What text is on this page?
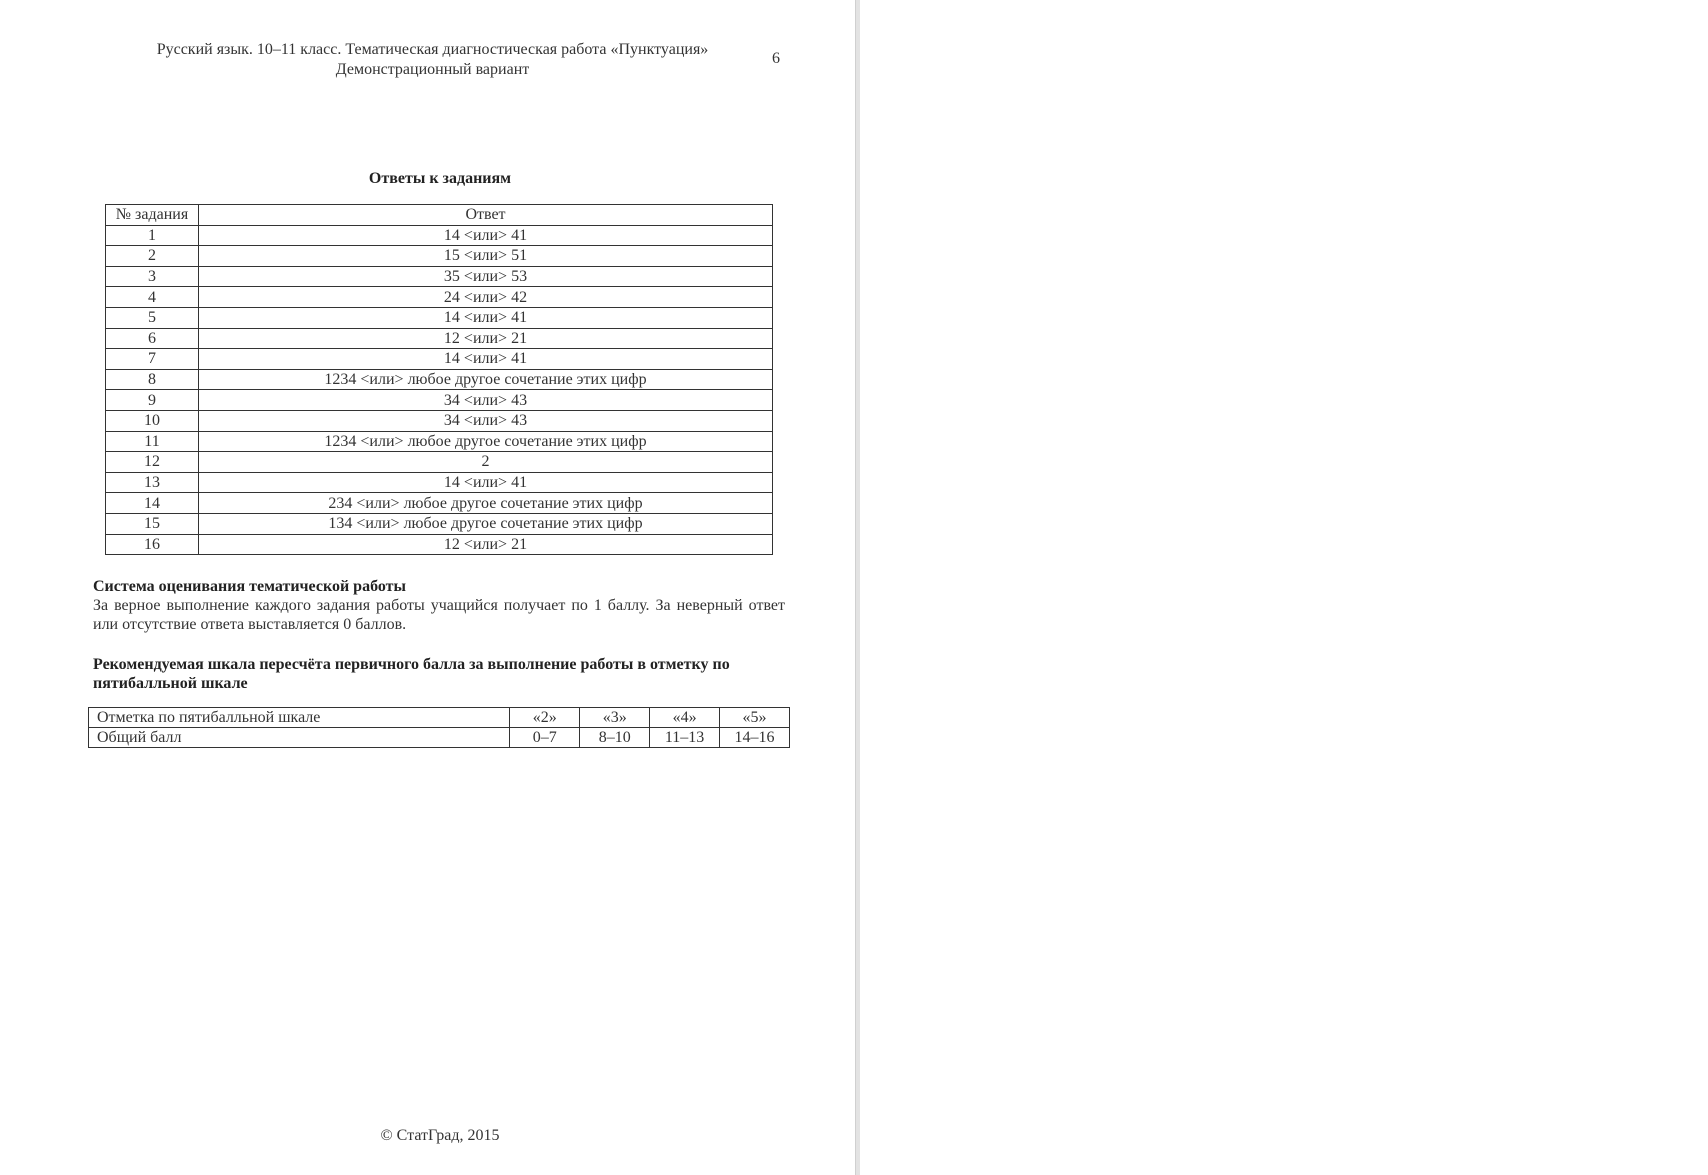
Русский язык. 10–11 класс. Тематическая диагностическая работа «Пунктуация»
Демонстрационный вариант
6
Ответы к заданиям
№ задания	Ответ
1	14 <или> 41
2	15 <или> 51
3	35 <или> 53
4	24 <или> 42
5	14 <или> 41
6	12 <или> 21
7	14 <или> 41
8	1234 <или> любое другое сочетание этих цифр
9	34 <или> 43
10	34 <или> 43
11	1234 <или> любое другое сочетание этих цифр
12	2
13	14 <или> 41
14	234 <или> любое другое сочетание этих цифр
15	134 <или> любое другое сочетание этих цифр
16	12 <или> 21
Система оценивания тематической работы
За верное выполнение каждого задания работы учащийся получает по 1 баллу. За неверный ответ или отсутствие ответа выставляется 0 баллов.
Рекомендуемая шкала пересчёта первичного балла за выполнение работы в отметку по пятибалльной шкале
Отметка по пятибалльной шкале	«2»	«3»	«4»	«5»
Общий балл	0–7	8–10	11–13	14–16
© СтатГрад, 2015
